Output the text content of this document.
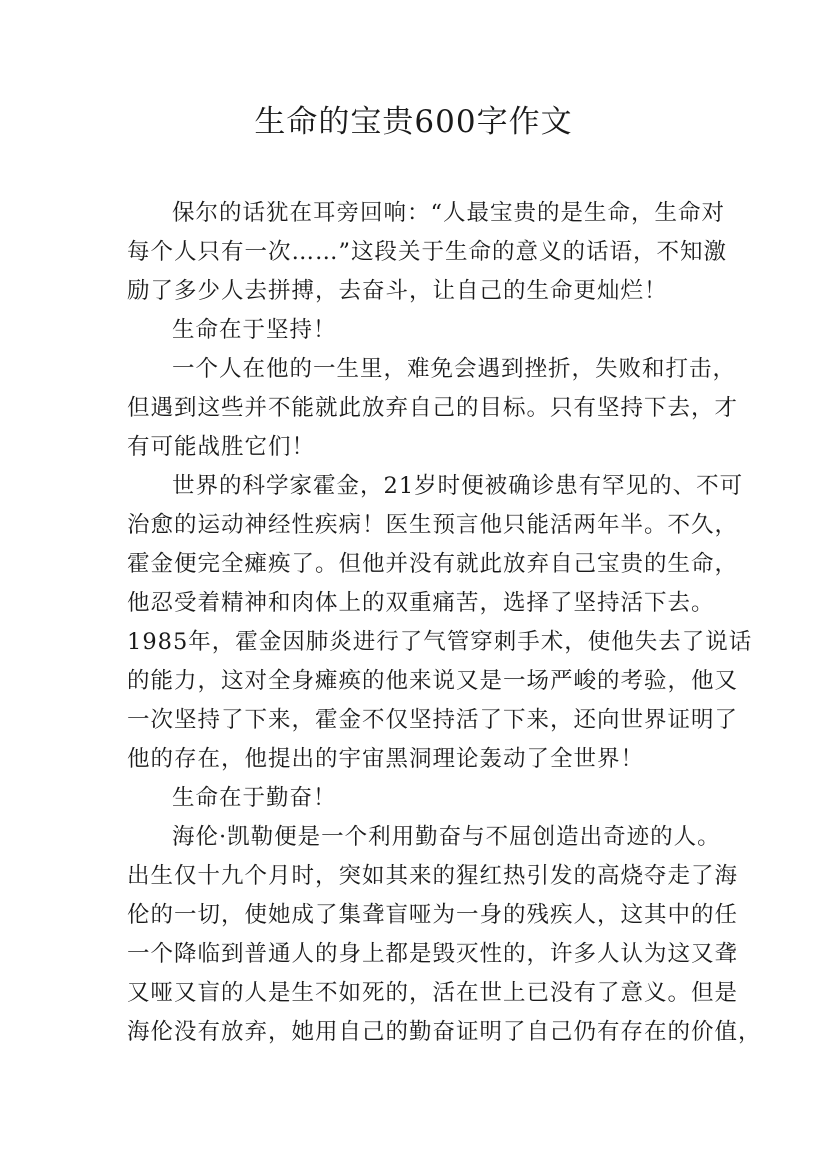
生命的宝贵600字作文

保尔的话犹在耳旁回响：“人最宝贵的是生命，生命对

每个人只有一次……”这段关于生命的意义的话语，不知激

励了多少人去拼搏，去奋斗，让自己的生命更灿烂！

生命在于坚持！

一个人在他的一生里，难免会遇到挫折，失败和打击，

但遇到这些并不能就此放弃自己的目标。只有坚持下去，才

有可能战胜它们！

世界的科学家霍金，21岁时便被确诊患有罕见的、不可

治愈的运动神经性疾病！医生预言他只能活两年半。不久，

霍金便完全瘫痪了。但他并没有就此放弃自己宝贵的生命，

他忍受着精神和肉体上的双重痛苦，选择了坚持活下去。

1985年，霍金因肺炎进行了气管穿刺手术，使他失去了说话

的能力，这对全身瘫痪的他来说又是一场严峻的考验，他又

一次坚持了下来，霍金不仅坚持活了下来，还向世界证明了

他的存在，他提出的宇宙黑洞理论轰动了全世界！

生命在于勤奋！

海伦·凯勒便是一个利用勤奋与不屈创造出奇迹的人。

出生仅十九个月时，突如其来的猩红热引发的高烧夺走了海

伦的一切，使她成了集聋盲哑为一身的残疾人，这其中的任

一个降临到普通人的身上都是毁灭性的，许多人认为这又聋

又哑又盲的人是生不如死的，活在世上已没有了意义。但是

海伦没有放弃，她用自己的勤奋证明了自己仍有存在的价值，
